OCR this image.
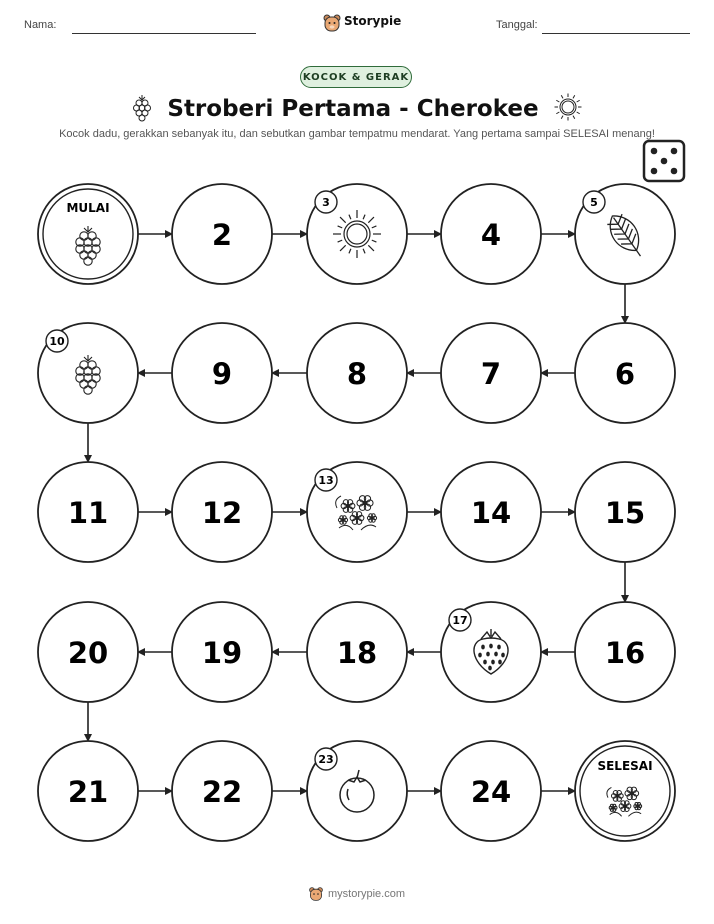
Nama:	Storypie	Tanggal:
KOCOK & GERAK
Stroberi Pertama - Cherokee
Kocok dadu, gerakkan sebanyak itu, dan sebutkan gambar tempatmu mendarat. Yang pertama sampai SELESAI menang!
MULAI
2
3
4
5
6
7
8
9
10
11	12
13
14	15
16
17
18
19
20
21	22
23
24
SELESAI
mystorypie.com
